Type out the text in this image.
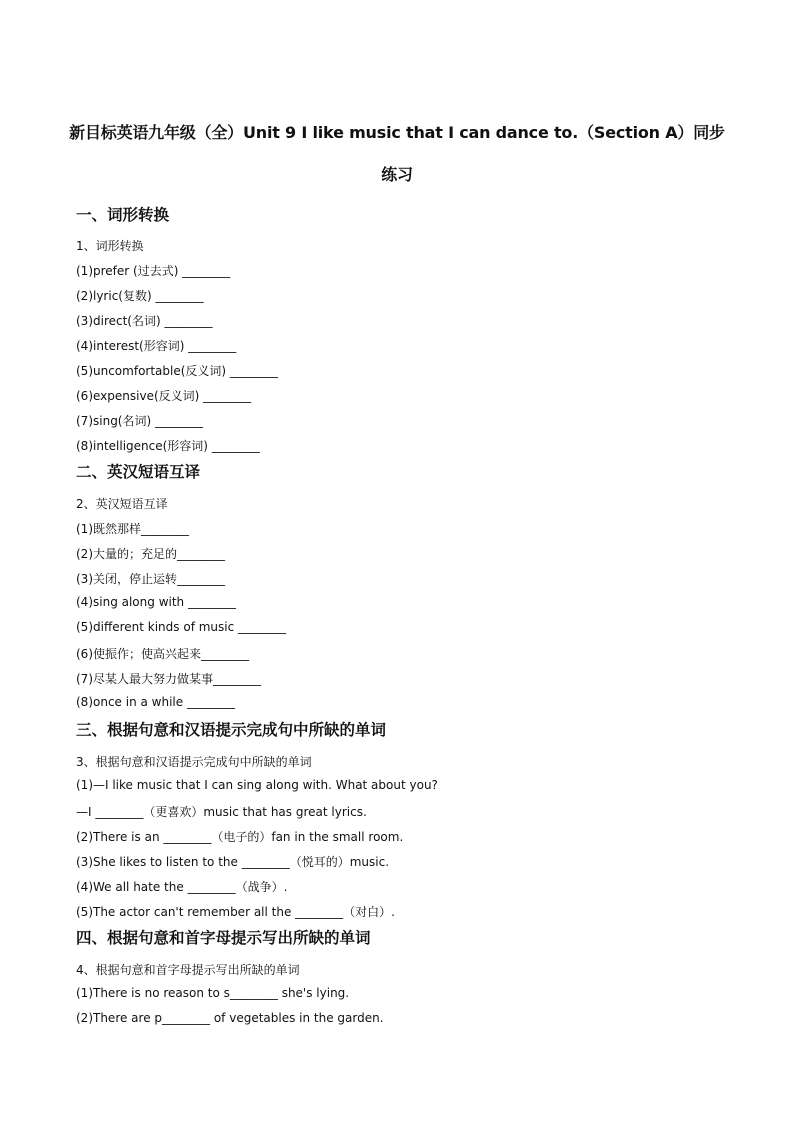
新目标英语九年级（全）Unit 9 I like music that I can dance to.（Section A）同步
练习
一、词形转换
1、词形转换
(1)prefer (过去式) ________
(2)lyric(复数) ________
(3)direct(名词) ________
(4)interest(形容词) ________
(5)uncomfortable(反义词) ________
(6)expensive(反义词) ________
(7)sing(名词) ________
(8)intelligence(形容词) ________
二、英汉短语互译
2、英汉短语互译
(1)既然那样________
(2)大量的；充足的________
(3)关闭，停止运转________
(4)sing along with ________
(5)different kinds of music ________
(6)使振作；使高兴起来________
(7)尽某人最大努力做某事________
(8)once in a while ________
三、根据句意和汉语提示完成句中所缺的单词
3、根据句意和汉语提示完成句中所缺的单词
(1)—I like music that I can sing along with. What about you?
—I ________（更喜欢）music that has great lyrics.
(2)There is an ________（电子的）fan in the small room.
(3)She likes to listen to the ________（悦耳的）music.
(4)We all hate the ________（战争）.
(5)The actor can't remember all the ________（对白）.
四、根据句意和首字母提示写出所缺的单词
4、根据句意和首字母提示写出所缺的单词
(1)There is no reason to s________ she's lying.
(2)There are p________ of vegetables in the garden.
